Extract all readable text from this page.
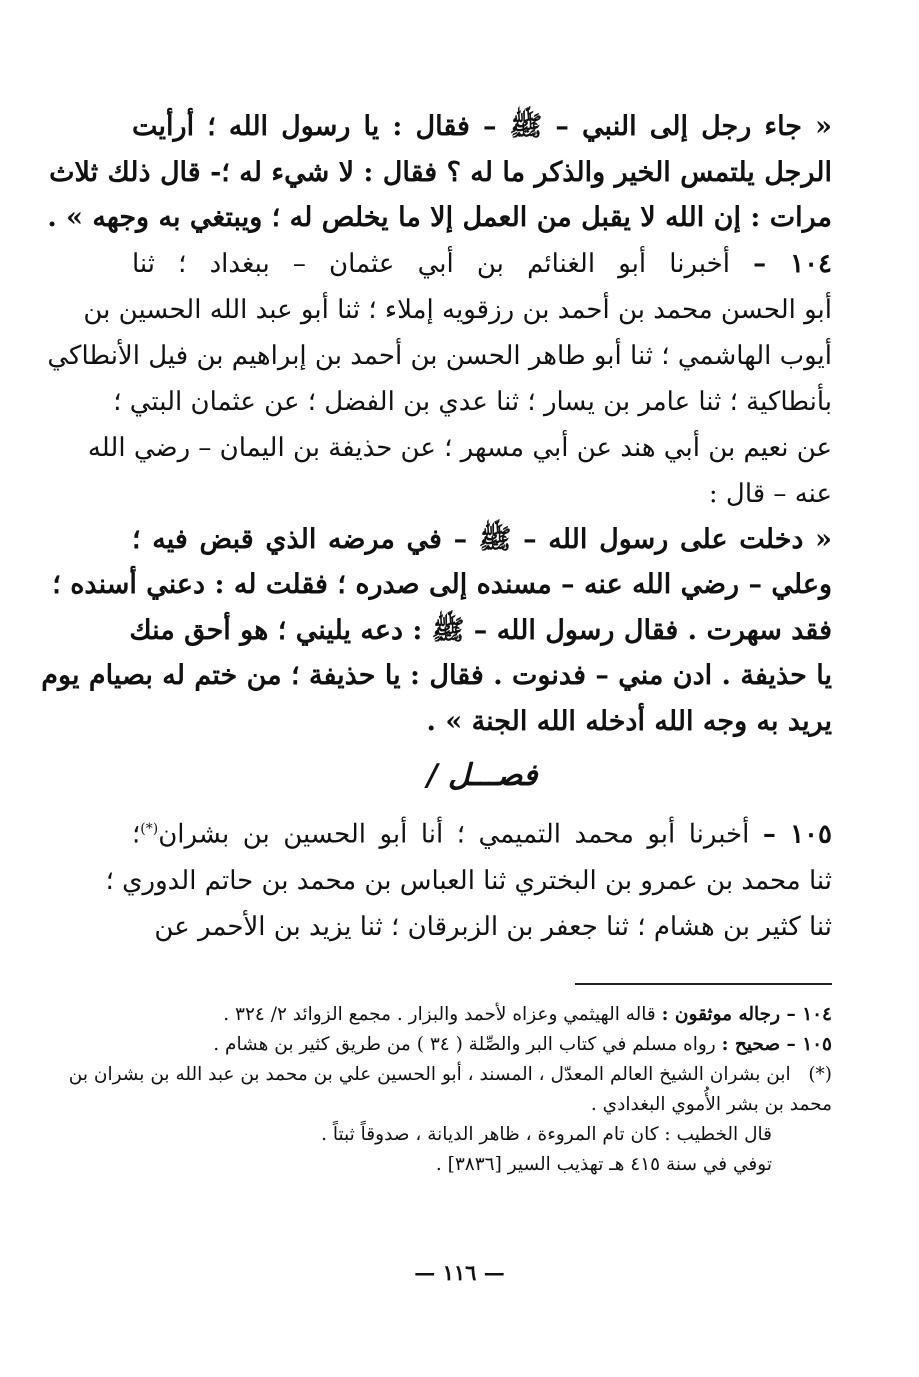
« جاء رجل إلى النبي – ﷺ – فقال : يا رسول الله ؛ أرأيت
الرجل يلتمس الخير والذكر ما له ؟ فقال : لا شيء له ؛- قال ذلك ثلاث
مرات : إن الله لا يقبل من العمل إلا ما يخلص له ؛ ويبتغي به وجهه » .
١٠٤ – أخبرنا أبو الغنائم بن أبي عثمان – ببغداد ؛ ثنا
أبو الحسن محمد بن أحمد بن رزقويه إملاء ؛ ثنا أبو عبد الله الحسين بن
أيوب الهاشمي ؛ ثنا أبو طاهر الحسن بن أحمد بن إبراهيم بن فيل الأنطاكي
بأنطاكية ؛ ثنا عامر بن يسار ؛ ثنا عدي بن الفضل ؛ عن عثمان البتي ؛
عن نعيم بن أبي هند عن أبي مسهر ؛ عن حذيفة بن اليمان – رضي الله
عنه – قال :
« دخلت على رسول الله – ﷺ – في مرضه الذي قبض فيه ؛
وعلي – رضي الله عنه – مسنده إلى صدره ؛ فقلت له : دعني أسنده ؛
فقد سهرت . فقال رسول الله – ﷺ : دعه يليني ؛ هو أحق منك
يا حذيفة . ادن مني – فدنوت . فقال : يا حذيفة ؛ من ختم له بصيام يوم
يريد به وجه الله أدخله الله الجنة » .
فصـــل /
١٠٥ – أخبرنا أبو محمد التميمي ؛ أنا أبو الحسين بن بشران(*)؛
ثنا محمد بن عمرو بن البختري ثنا العباس بن محمد بن حاتم الدوري ؛
ثنا كثير بن هشام ؛ ثنا جعفر بن الزبرقان ؛ ثنا يزيد بن الأحمر عن
١٠٤ – رجاله موثقون : قاله الهيثمي وعزاه لأحمد والبزار . مجمع الزوائد ٢/ ٣٢٤ .
١٠٥ – صحيح : رواه مسلم في كتاب البر والصِّلة ( ٣٤ ) من طريق كثير بن هشام .
(*)   ابن بشران الشيخ العالم المعدّل ، المسند ، أبو الحسين علي بن محمد بن عبد الله بن بشران بن
محمد بن بشر الأُموي البغدادي .
قال الخطيب : كان تام المروءة ، ظاهر الديانة ، صدوقاً ثبتاً .
توفي في سنة ٤١٥ هـ تهذيب السير [٣٨٣٦] .
— ١١٦ —
